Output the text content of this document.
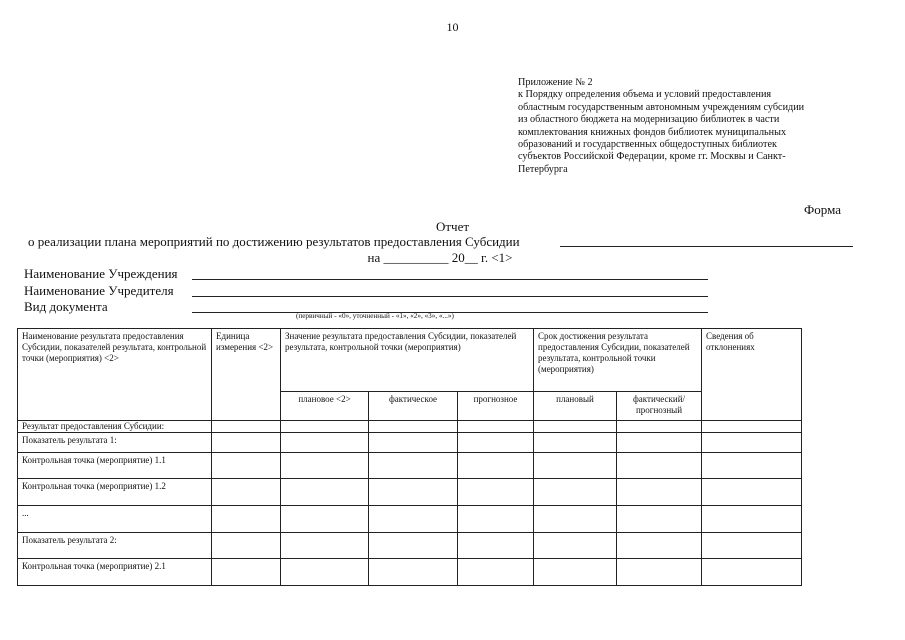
10
Приложение № 2
к Порядку определения объема и условий предоставления
областным государственным автономным учреждениям субсидии
из областного бюджета на модернизацию библиотек в части
комплектования книжных фондов библиотек муниципальных
образований и государственных общедоступных библиотек
субъектов Российской Федерации, кроме гг. Москвы и Санкт-
Петербурга
Форма
Отчет
о реализации плана мероприятий по достижению результатов предоставления Субсидии
на __________ 20__ г. <1>
Наименование Учреждения
Наименование Учредителя
Вид документа
(первичный - «0», уточненный - «1», «2», «3», «...»)
Наименование результата предоставления Субсидии, показателей результата, контрольной точки (мероприятия) <2>	Единица измерения <2>	Значение результата предоставления Субсидии, показателей результата, контрольной точки (мероприятия)			Срок достижения результата предоставления Субсидии, показателей результата, контрольной точки (мероприятия)		Сведения об отклонениях
		плановое <2>	фактическое	прогнозное	плановый	фактический/ прогнозный	
Результат предоставления Субсидии:							
Показатель результата 1:							
Контрольная точка (мероприятие) 1.1							
Контрольная точка (мероприятие) 1.2							
...							
Показатель результата 2:							
Контрольная точка (мероприятие) 2.1							
